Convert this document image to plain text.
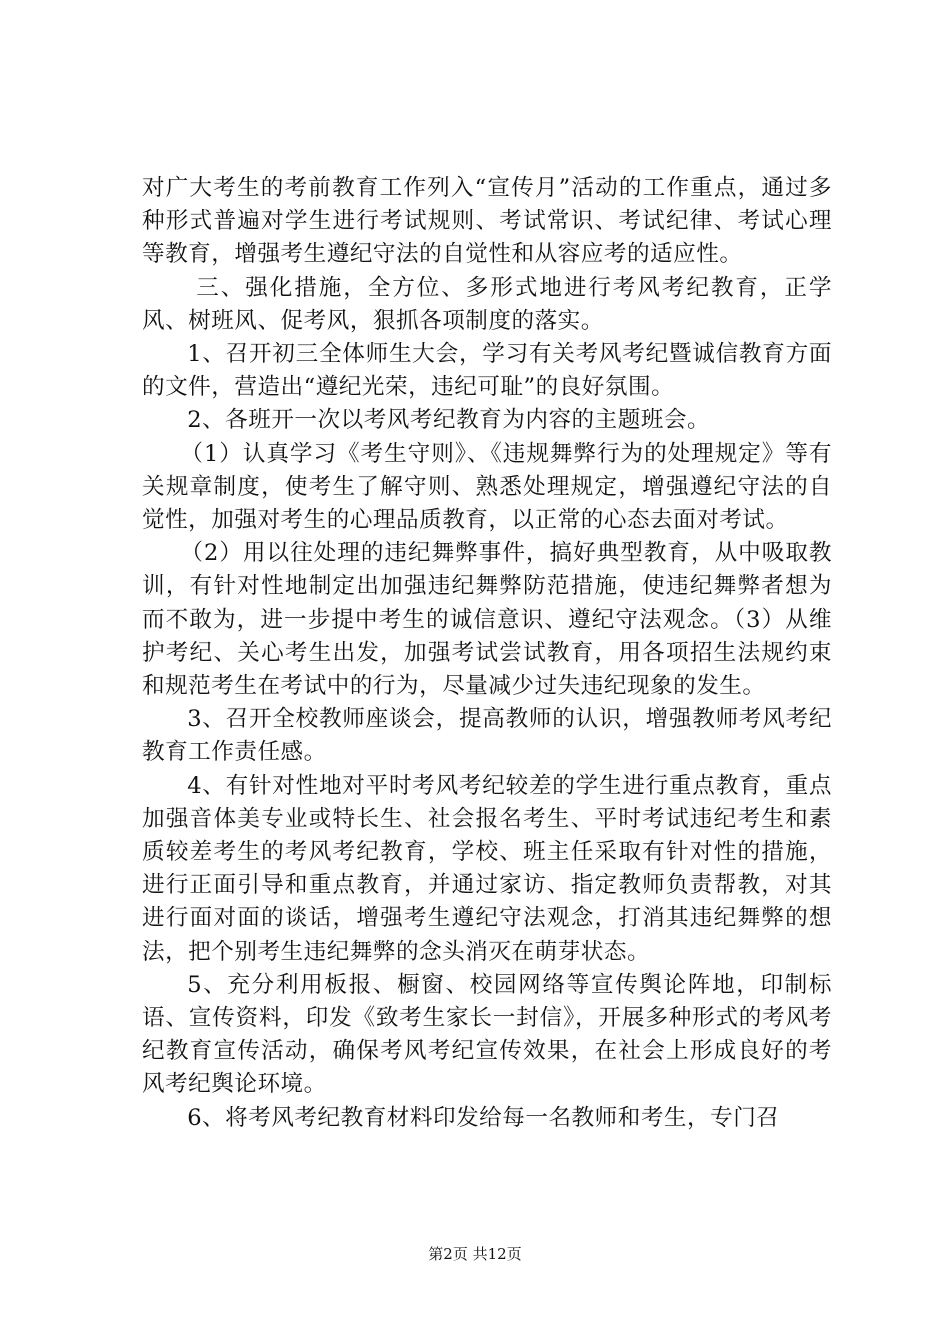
对广大考生的考前教育工作列入“宣传月”活动的工作重点，通过多种形式普遍对学生进行考试规则、考试常识、考试纪律、考试心理等教育，增强考生遵纪守法的自觉性和从容应考的适应性。

三、强化措施，全方位、多形式地进行考风考纪教育，正学风、树班风、促考风，狠抓各项制度的落实。

1、召开初三全体师生大会，学习有关考风考纪暨诚信教育方面的文件，营造出“遵纪光荣，违纪可耻”的良好氛围。

2、各班开一次以考风考纪教育为内容的主题班会。

（1）认真学习《考生守则》、《违规舞弊行为的处理规定》等有关规章制度，使考生了解守则、熟悉处理规定，增强遵纪守法的自觉性，加强对考生的心理品质教育，以正常的心态去面对考试。

（2）用以往处理的违纪舞弊事件，搞好典型教育，从中吸取教训，有针对性地制定出加强违纪舞弊防范措施，使违纪舞弊者想为而不敢为，进一步提中考生的诚信意识、遵纪守法观念。（3）从维护考纪、关心考生出发，加强考试尝试教育，用各项招生法规约束和规范考生在考试中的行为，尽量减少过失违纪现象的发生。

3、召开全校教师座谈会，提高教师的认识，增强教师考风考纪教育工作责任感。

4、有针对性地对平时考风考纪较差的学生进行重点教育，重点加强音体美专业或特长生、社会报名考生、平时考试违纪考生和素质较差考生的考风考纪教育，学校、班主任采取有针对性的措施，进行正面引导和重点教育，并通过家访、指定教师负责帮教，对其进行面对面的谈话，增强考生遵纪守法观念，打消其违纪舞弊的想法，把个别考生违纪舞弊的念头消灭在萌芽状态。

5、充分利用板报、橱窗、校园网络等宣传舆论阵地，印制标语、宣传资料，印发《致考生家长一封信》，开展多种形式的考风考纪教育宣传活动，确保考风考纪宣传效果，在社会上形成良好的考风考纪舆论环境。

6、将考风考纪教育材料印发给每一名教师和考生，专门召

第2页 共12页
